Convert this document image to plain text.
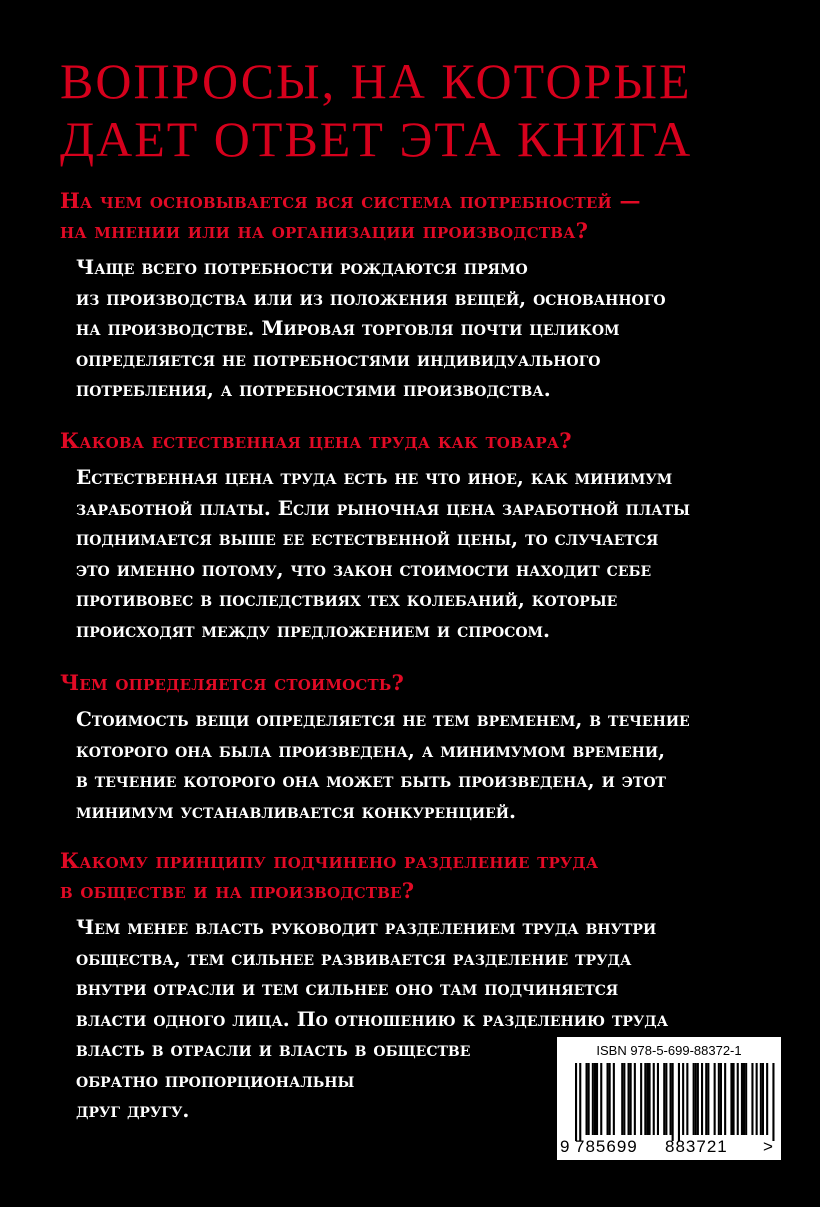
ВОПРОСЫ, НА КОТОРЫЕ
ДАЕТ ОТВЕТ ЭТА КНИГА
На чем основывается вся система потребностей —
на мнении или на организации производства?
Чаще всего потребности рождаются прямо
из производства или из положения вещей, основанного
на производстве. Мировая торговля почти целиком
определяется не потребностями индивидуального
потребления, а потребностями производства.
Какова естественная цена труда как товара?
Естественная цена труда есть не что иное, как минимум
заработной платы. Если рыночная цена заработной платы
поднимается выше ее естественной цены, то случается
это именно потому, что закон стоимости находит себе
противовес в последствиях тех колебаний, которые
происходят между предложением и спросом.
Чем определяется стоимость?
Стоимость вещи определяется не тем временем, в течение
которого она была произведена, а минимумом времени,
в течение которого она может быть произведена, и этот
минимум устанавливается конкуренцией.
Какому принципу подчинено разделение труда
в обществе и на производстве?
Чем менее власть руководит разделением труда внутри
общества, тем сильнее развивается разделение труда
внутри отрасли и тем сильнее оно там подчиняется
власти одного лица. По отношению к разделению труда
власть в отрасли и власть в обществе
обратно пропорциональны
друг другу.
ISBN 978-5-699-88372-1
9 785699 883721 >
